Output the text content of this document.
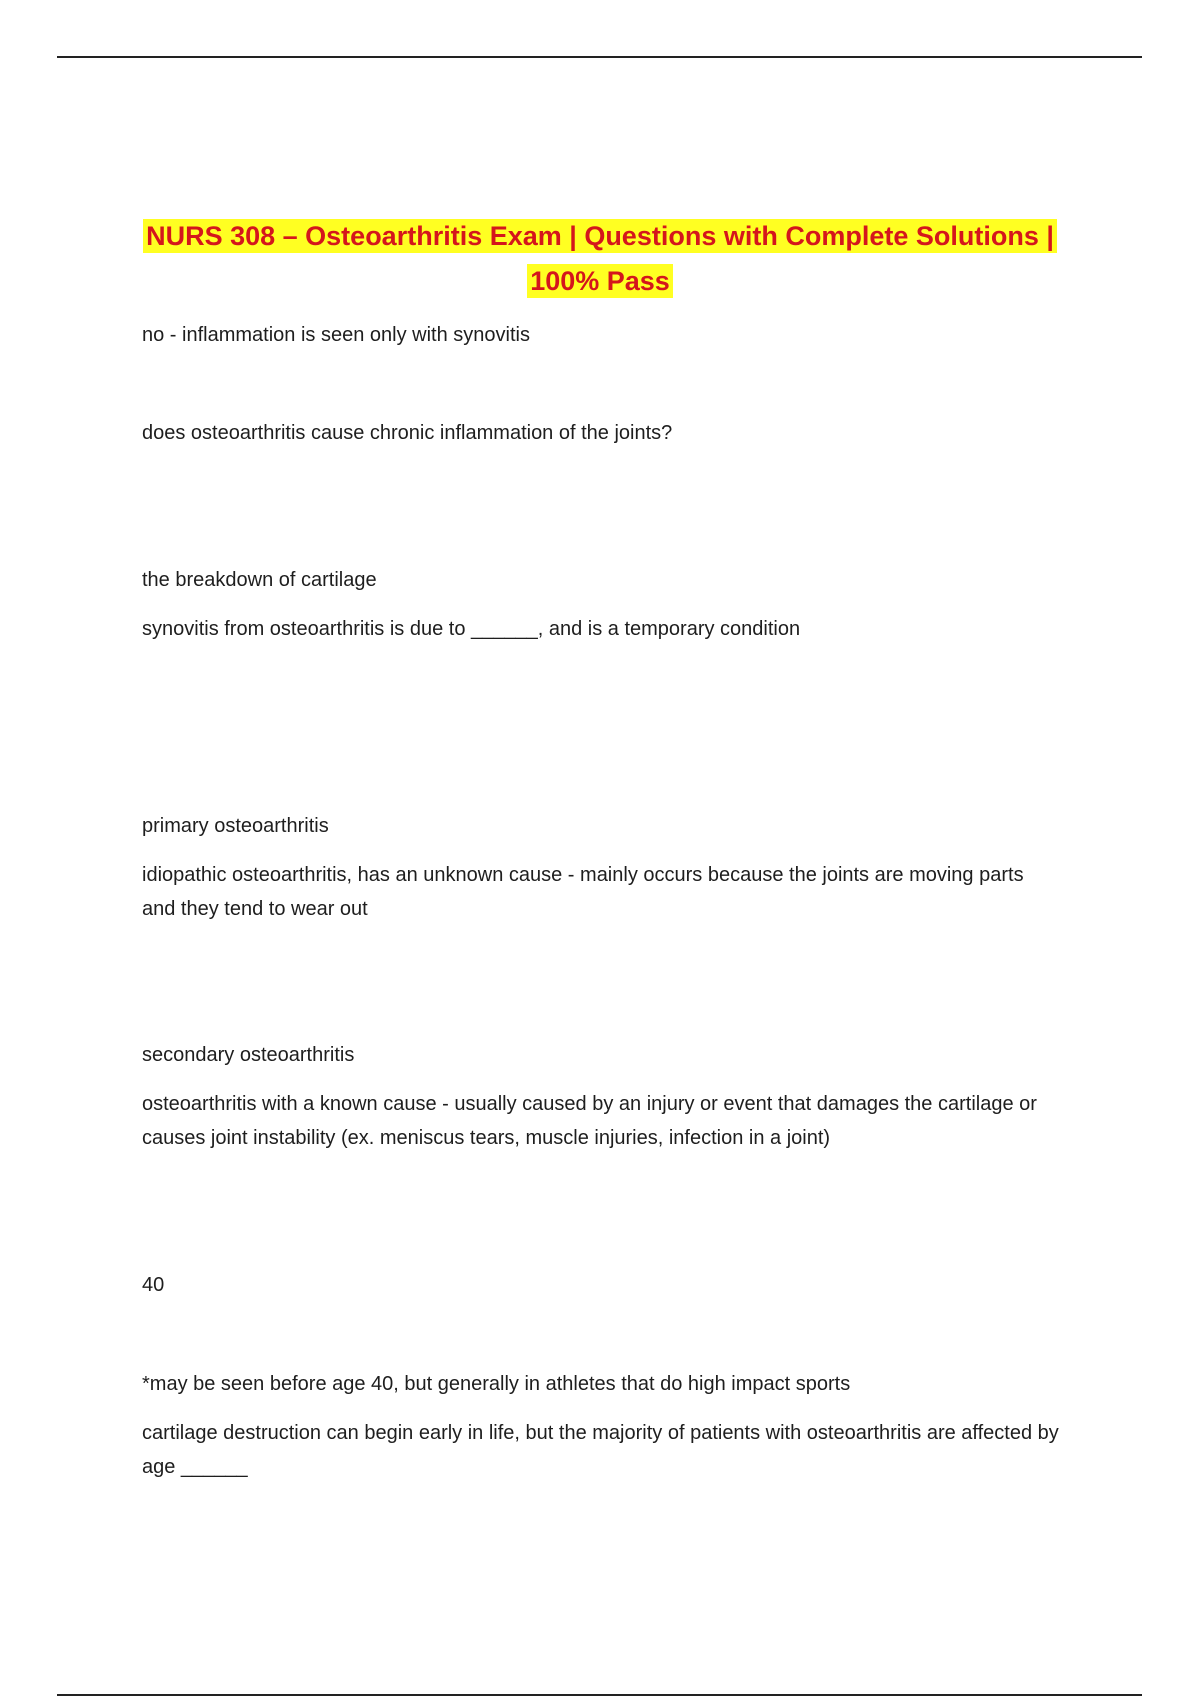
NURS 308 – Osteoarthritis Exam | Questions with Complete Solutions | 100% Pass

no - inflammation is seen only with synovitis

does osteoarthritis cause chronic inflammation of the joints?

the breakdown of cartilage

synovitis from osteoarthritis is due to ______, and is a temporary condition

primary osteoarthritis

idiopathic osteoarthritis, has an unknown cause - mainly occurs because the joints are moving parts and they tend to wear out

secondary osteoarthritis

osteoarthritis with a known cause - usually caused by an injury or event that damages the cartilage or causes joint instability (ex. meniscus tears, muscle injuries, infection in a joint)

40

*may be seen before age 40, but generally in athletes that do high impact sports

cartilage destruction can begin early in life, but the majority of patients with osteoarthritis are affected by age ______
